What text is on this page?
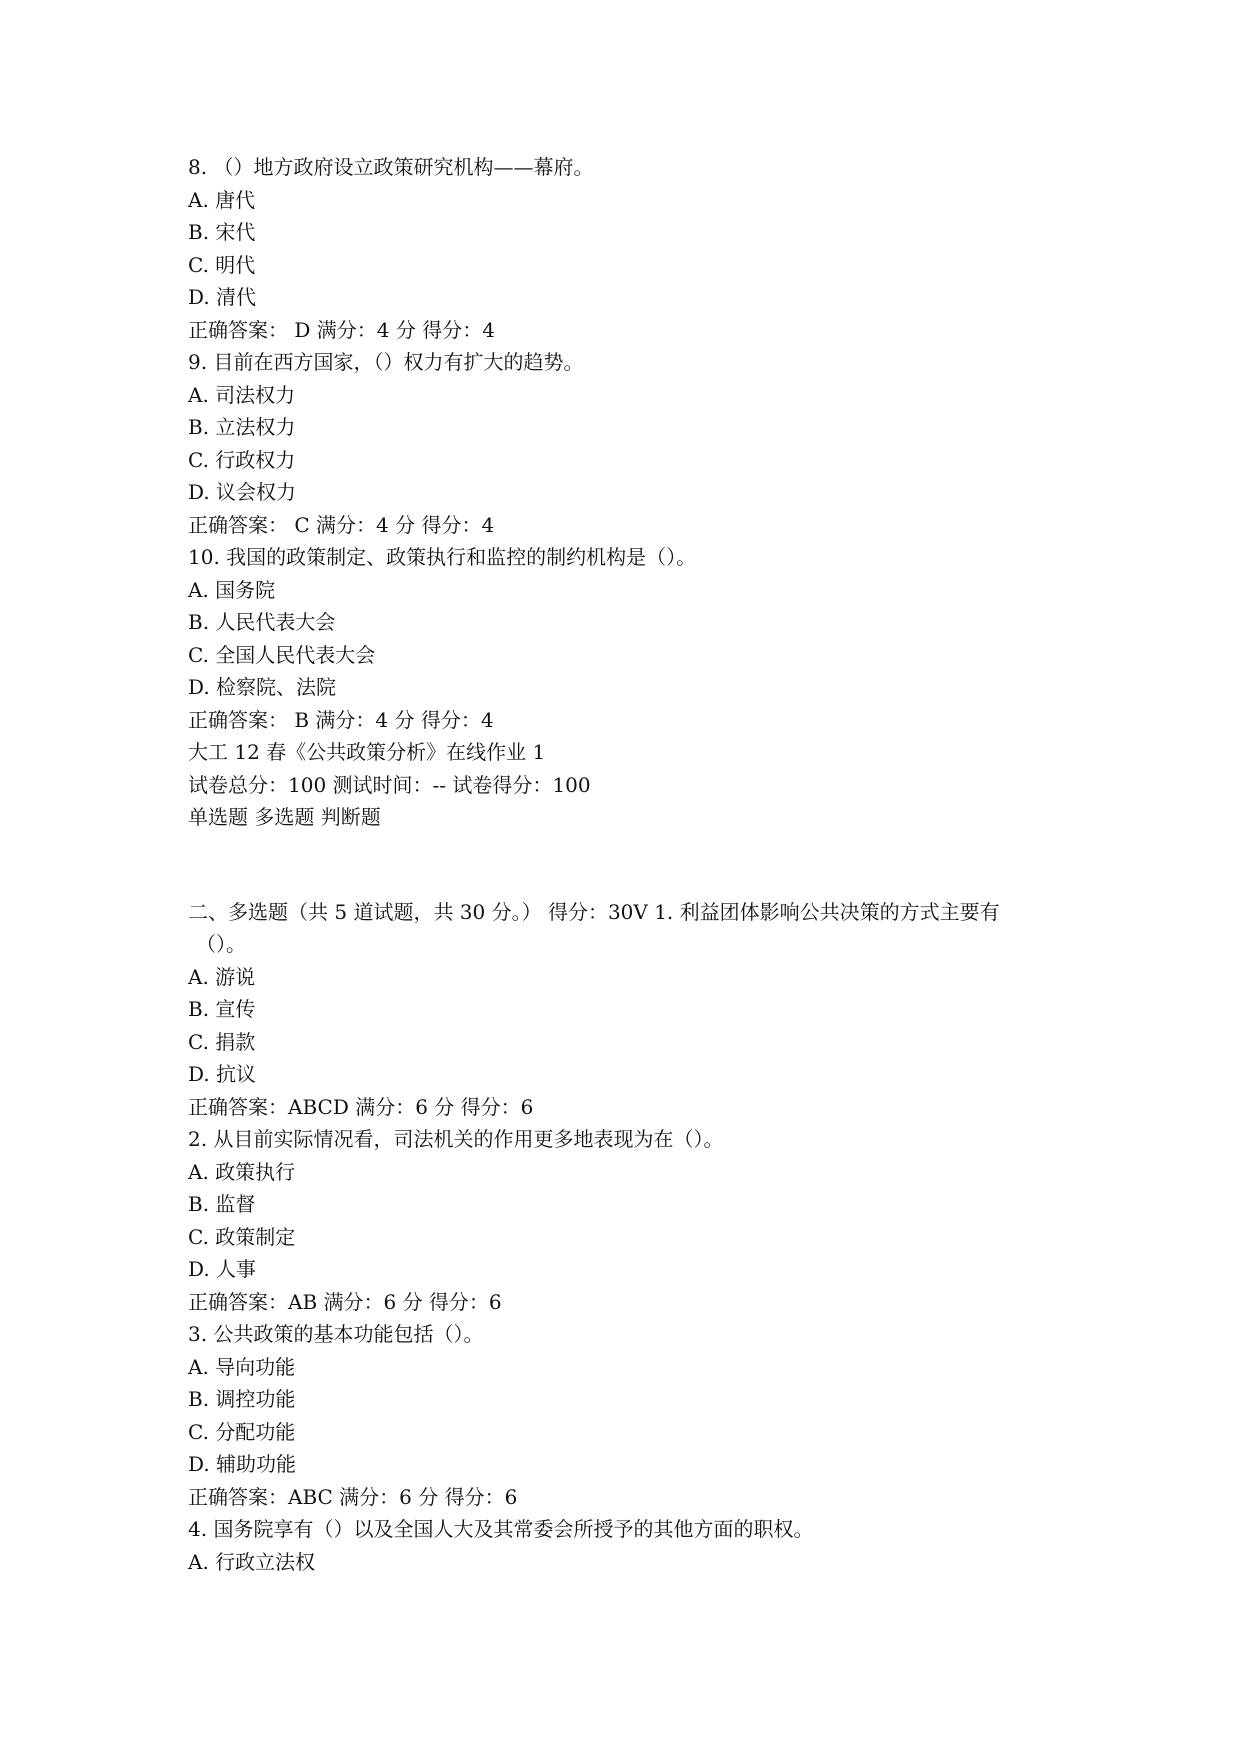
8. （）地方政府设立政策研究机构——幕府。
A. 唐代
B. 宋代
C. 明代
D. 清代
正确答案： D 满分：4 分 得分：4
9. 目前在西方国家，（）权力有扩大的趋势。
A. 司法权力
B. 立法权力
C. 行政权力
D. 议会权力
正确答案： C 满分：4 分 得分：4
10. 我国的政策制定、政策执行和监控的制约机构是（）。
A. 国务院
B. 人民代表大会
C. 全国人民代表大会
D. 检察院、法院
正确答案： B 满分：4 分 得分：4
大工 12 春《公共政策分析》在线作业 1
试卷总分：100 测试时间：-- 试卷得分：100
单选题 多选题 判断题
二、多选题（共 5 道试题，共 30 分。） 得分：30V 1. 利益团体影响公共决策的方式主要有
（）。
A. 游说
B. 宣传
C. 捐款
D. 抗议
正确答案：ABCD 满分：6 分 得分：6
2. 从目前实际情况看，司法机关的作用更多地表现为在（）。
A. 政策执行
B. 监督
C. 政策制定
D. 人事
正确答案：AB 满分：6 分 得分：6
3. 公共政策的基本功能包括（）。
A. 导向功能
B. 调控功能
C. 分配功能
D. 辅助功能
正确答案：ABC 满分：6 分 得分：6
4. 国务院享有（）以及全国人大及其常委会所授予的其他方面的职权。
A. 行政立法权
